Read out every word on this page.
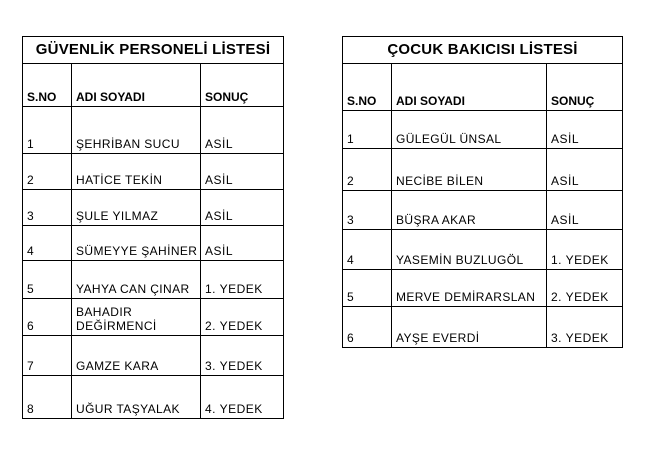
GÜVENLİK PERSONELİ LİSTESİ		
S.NO	ADI SOYADI	SONUÇ
1	ŞEHRİBAN SUCU	ASİL
2	HATİCE TEKİN	ASİL
3	ŞULE YILMAZ	ASİL
4	SÜMEYYE ŞAHİNER	ASİL
5	YAHYA CAN ÇINAR	1. YEDEK
6	BAHADIR DEĞİRMENCİ	2. YEDEK
7	GAMZE KARA	3. YEDEK
8	UĞUR TAŞYALAK	4. YEDEK
ÇOCUK BAKICISI LİSTESİ		
S.NO	ADI SOYADI	SONUÇ
1	GÜLEGÜL ÜNSAL	ASİL
2	NECİBE BİLEN	ASİL
3	BÜŞRA AKAR	ASİL
4	YASEMİN BUZLUGÖL	1. YEDEK
5	MERVE DEMİRARSLAN	2. YEDEK
6	AYŞE EVERDİ	3. YEDEK
